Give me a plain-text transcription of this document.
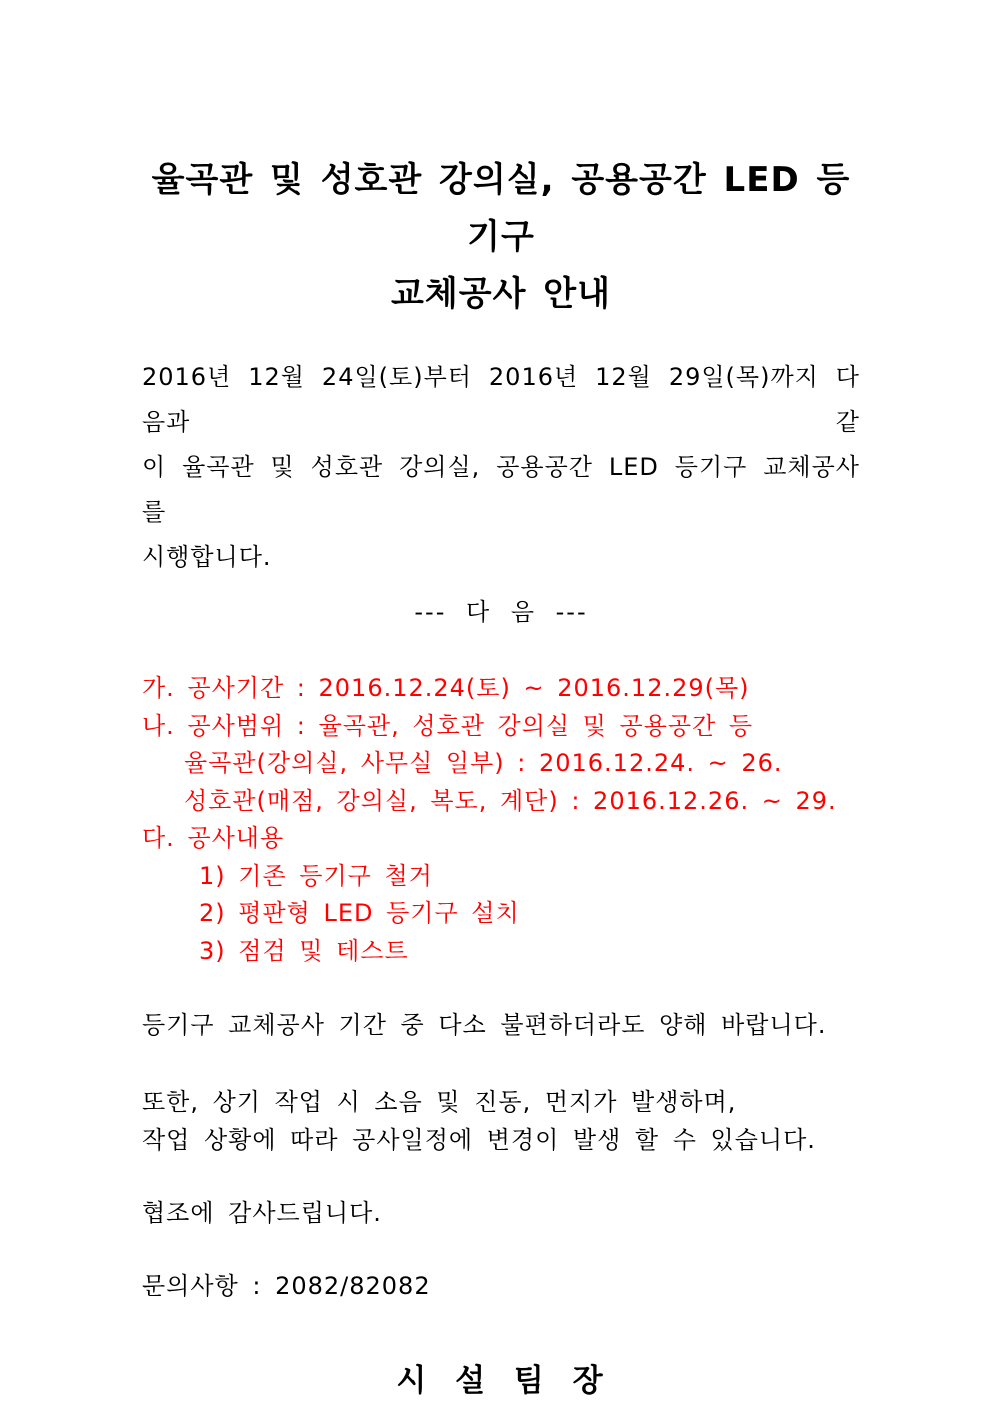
율곡관 및 성호관 강의실, 공용공간 LED 등기구
교체공사 안내
2016년 12월 24일(토)부터 2016년 12월 29일(목)까지 다음과 같
이 율곡관 및 성호관 강의실, 공용공간 LED 등기구 교체공사를
시행합니다.
--- 다 음 ---
가. 공사기간 : 2016.12.24(토) ~ 2016.12.29(목)
나. 공사범위 : 율곡관, 성호관 강의실 및 공용공간 등
율곡관(강의실, 사무실 일부) : 2016.12.24. ~ 26.
성호관(매점, 강의실, 복도, 계단) : 2016.12.26. ~ 29.
다. 공사내용
1) 기존 등기구 철거
2) 평판형 LED 등기구 설치
3) 점검 및 테스트

등기구 교체공사 기간 중 다소 불편하더라도 양해 바랍니다.

또한, 상기 작업 시 소음 및 진동, 먼지가 발생하며,
작업 상황에 따라 공사일정에 변경이 발생 할 수 있습니다.

협조에 감사드립니다.

문의사항 : 2082/82082

시 설 팀 장
